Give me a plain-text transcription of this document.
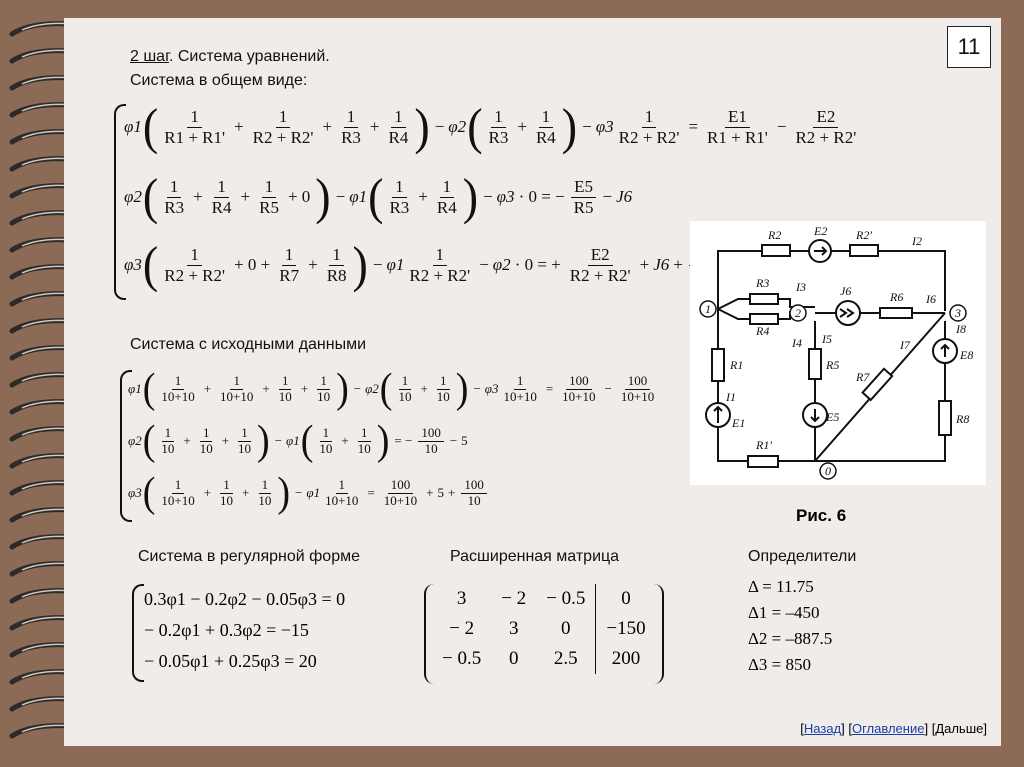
11
2 шаг. Система уравнений.
Система в общем виде:
φ1 ( $\frac{1}{R1 + R1'} + \frac{1}{R2 + R2'} + \frac{1}{R3} + \frac{1}{R4}$ ) − φ2 ( $\frac{1}{R3} + \frac{1}{R4}$ ) − $\varphi 3 \frac{1}{R2 + R2'} = \frac{E1}{R1 + R1'} - \frac{E2}{R2 + R2'}$
φ2 ( $\frac{1}{R3} + \frac{1}{R4} + \frac{1}{R5} + 0$ ) − φ1 ( $\frac{1}{R3} + \frac{1}{R4}$ ) − φ3 · 0 = − $\frac{E5}{R5} - J6$
φ3 ( $\frac{1}{R2 + R2'} + 0 + \frac{1}{R7} + \frac{1}{R8}$ ) − $\varphi 1 \frac{1}{R2 + R2'} - \varphi 2 \cdot 0$ = + $\frac{E2}{R2 + R2'} + J6$ +
Система с исходными данными
φ1 ( $\frac{1}{10+10} + \frac{1}{10+10} + \frac{1}{10} + \frac{1}{10}$ ) − φ2 ( $\frac{1}{10} + \frac{1}{10}$ ) − $\varphi 3 \frac{1}{10+10} = \frac{100}{10+10} - \frac{100}{10+10}$
φ2 ( $\frac{1}{10} + \frac{1}{10} + \frac{1}{10}$ ) − φ1 ( $\frac{1}{10} + \frac{1}{10}$ ) = − $\frac{100}{10} - 5$
φ3 ( $\frac{1}{10+10} + \frac{1}{10} + \frac{1}{10}$ ) − $\varphi 1 \frac{1}{10+10} = \frac{100}{10+10} + 5 + \frac{100}{10}$
R2	E2 R2'	I2
R3 I3	J6	R6 I6
R4
I4 I5
R5
E5
R1
I1
E1
R1'
I7
R7
I8
E8
R8
1	2	3
0
Рис. 6
Система в регулярной форме	Расширенная матрица	Определители
0.3φ1 − 0.2φ2 − 0.05φ3 = 0
− 0.2φ1 + 0.3φ2 = −15
− 0.05φ1 + 0.25φ3 = 20
3	− 2	− 0.5	0
− 2	3	0	−150
− 0.5	0	2.5	200
Δ = 11.75
Δ1 = –450
Δ2 = –887.5
Δ3 = 850
[Назад] [Оглавление] [Дальше]
